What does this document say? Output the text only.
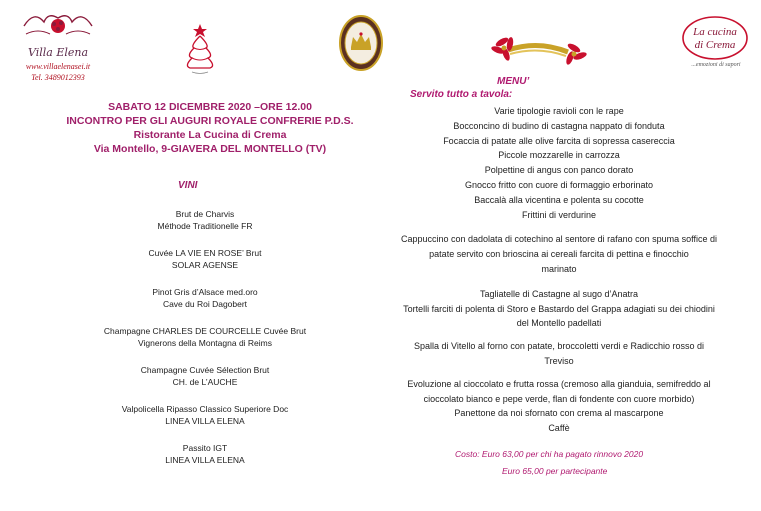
Villa Elena
www.villaelenasei.it
Tel. 3489012393
La cucina
di Crema
...emozioni di sapori
SABATO 12 DICEMBRE 2020 –ORE 12.00
INCONTRO PER GLI AUGURI ROYALE CONFRERIE P.D.S.
Ristorante La Cucina di Crema
Via Montello, 9-GIAVERA DEL MONTELLO (TV)
VINI
Brut de Charvis
Méthode Traditionelle FR
Cuvée LA VIE EN ROSE’ Brut
SOLAR AGENSE
Pinot Gris d’Alsace med.oro
Cave du Roi Dagobert
Champagne CHARLES DE COURCELLE Cuvée Brut
Vignerons della Montagna di Reims
Champagne Cuvée Sélection Brut
CH. de L’AUCHE
Valpolicella Ripasso Classico Superiore Doc
LINEA VILLA ELENA
Passito IGT
LINEA VILLA ELENA
MENU’
Servito tutto a tavola:
Varie tipologie ravioli con le rape
Bocconcino di budino di castagna nappato di fonduta
Focaccia di patate alle olive farcita di sopressa casereccia
Piccole mozzarelle in carrozza
Polpettine di angus con panco dorato
Gnocco fritto con cuore di formaggio erborinato
Baccalà alla vicentina e polenta su cocotte
Frittini di verdurine
Cappuccino con dadolata di cotechino al sentore di rafano con spuma soffice di
patate servito con brioscina ai cereali farcita di pettina e finocchio
marinato
Tagliatelle di Castagne al sugo d’Anatra
Tortelli farciti di polenta di Storo e Bastardo del Grappa adagiati su dei chiodini
del Montello padellati
Spalla di Vitello al forno con patate, broccoletti verdi e Radicchio rosso di
Treviso
Evoluzione al cioccolato e frutta rossa (cremoso alla gianduia, semifreddo al
cioccolato bianco e pepe verde, flan di fondente con cuore morbido)
Panettone da noi sfornato con crema al mascarpone
Caffè
Costo: Euro 63,00 per chi ha pagato rinnovo 2020
Euro 65,00 per partecipante
